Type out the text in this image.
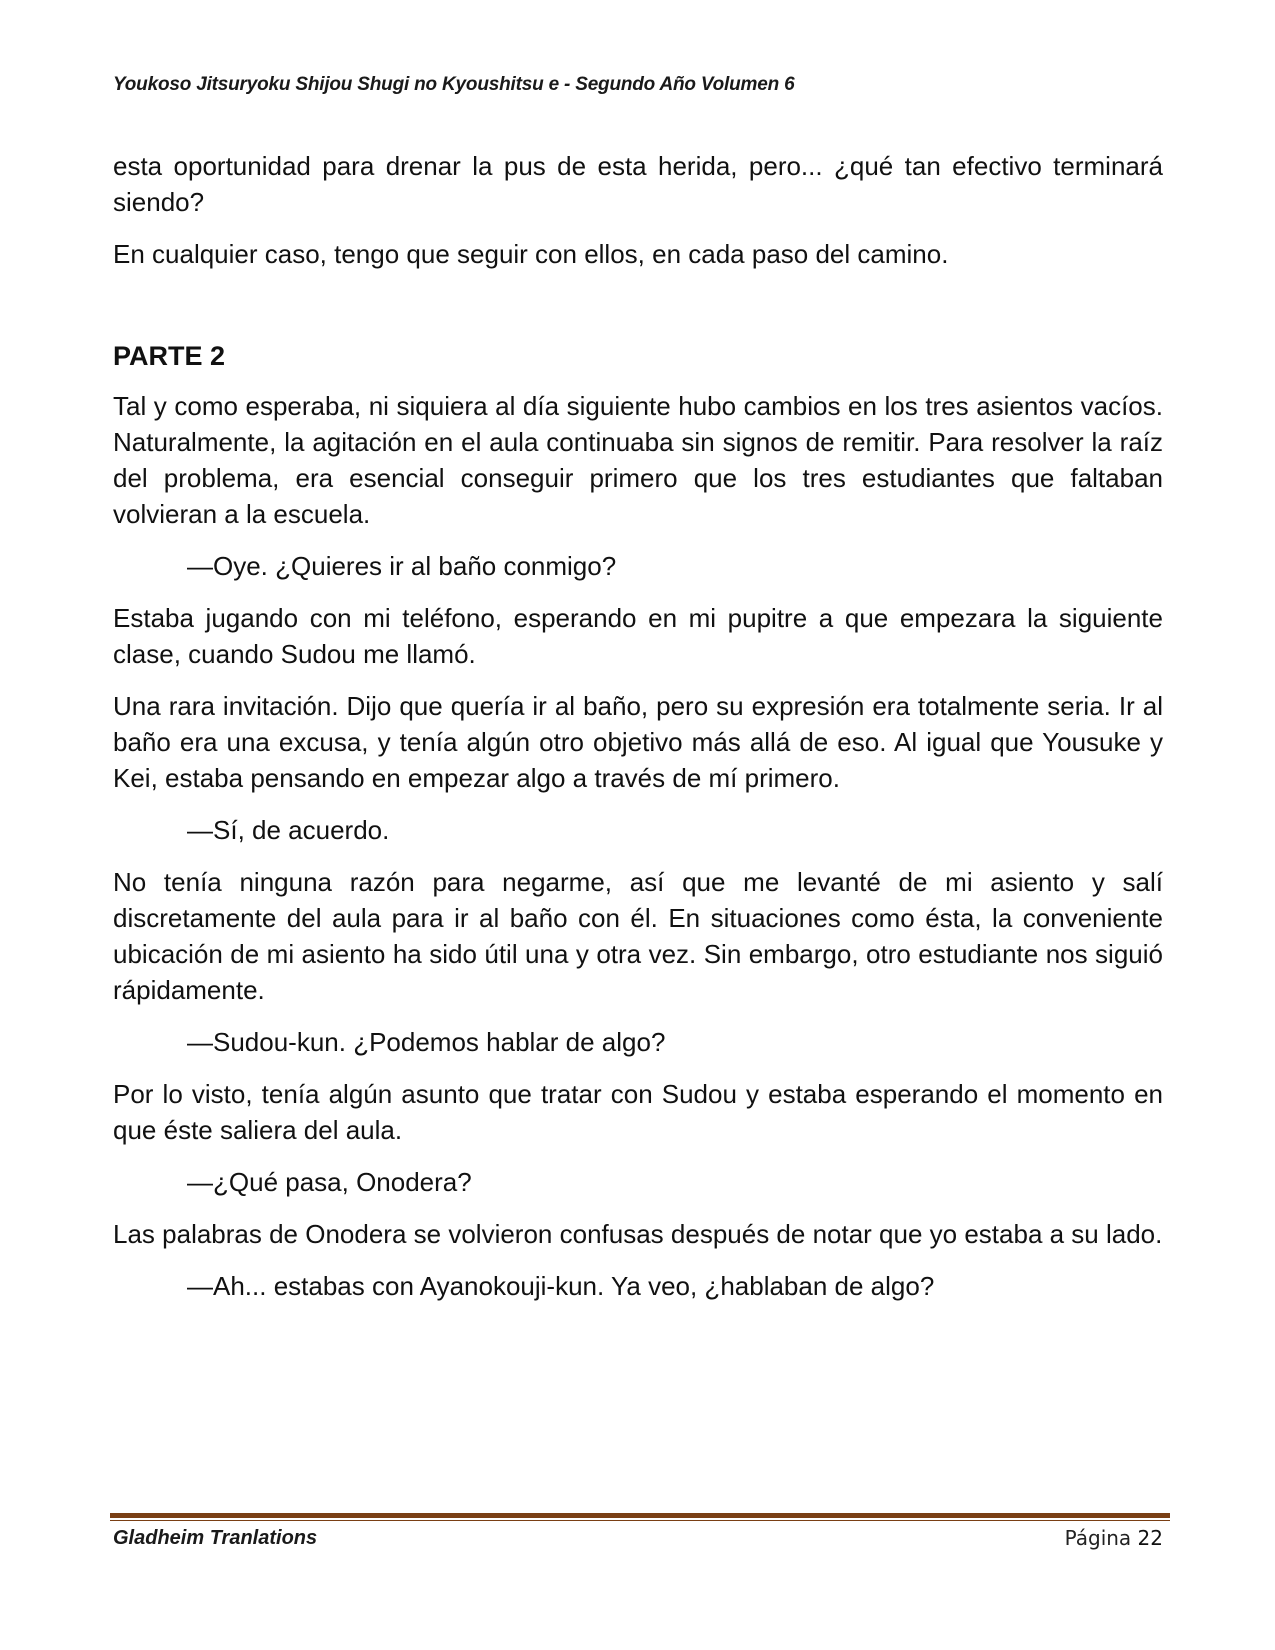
Youkoso Jitsuryoku Shijou Shugi no Kyoushitsu e - Segundo Año Volumen 6

esta oportunidad para drenar la pus de esta herida, pero... ¿qué tan efectivo terminará siendo?

En cualquier caso, tengo que seguir con ellos, en cada paso del camino.

PARTE 2

Tal y como esperaba, ni siquiera al día siguiente hubo cambios en los tres asientos vacíos. Naturalmente, la agitación en el aula continuaba sin signos de remitir. Para resolver la raíz del problema, era esencial conseguir primero que los tres estudiantes que faltaban volvieran a la escuela.

—Oye. ¿Quieres ir al baño conmigo?

Estaba jugando con mi teléfono, esperando en mi pupitre a que empezara la siguiente clase, cuando Sudou me llamó.

Una rara invitación. Dijo que quería ir al baño, pero su expresión era totalmente seria. Ir al baño era una excusa, y tenía algún otro objetivo más allá de eso. Al igual que Yousuke y Kei, estaba pensando en empezar algo a través de mí primero.

—Sí, de acuerdo.

No tenía ninguna razón para negarme, así que me levanté de mi asiento y salí discretamente del aula para ir al baño con él. En situaciones como ésta, la conveniente ubicación de mi asiento ha sido útil una y otra vez. Sin embargo, otro estudiante nos siguió rápidamente.

—Sudou-kun. ¿Podemos hablar de algo?

Por lo visto, tenía algún asunto que tratar con Sudou y estaba esperando el momento en que éste saliera del aula.

—¿Qué pasa, Onodera?

Las palabras de Onodera se volvieron confusas después de notar que yo estaba a su lado.

—Ah... estabas con Ayanokouji-kun. Ya veo, ¿hablaban de algo?

Gladheim Tranlations	Página 22
